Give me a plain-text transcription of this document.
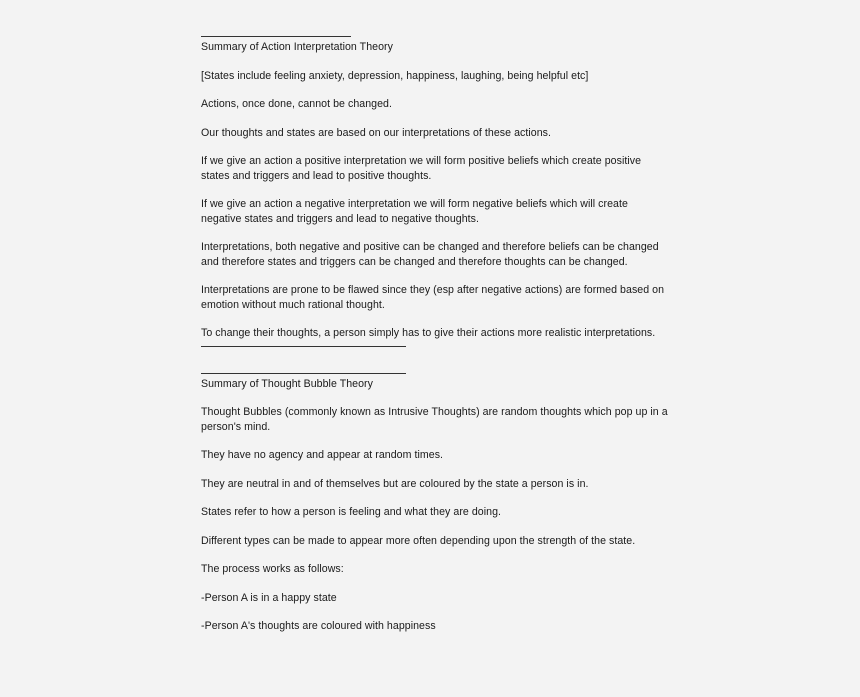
Summary of Action Interpretation Theory

[States include feeling anxiety, depression, happiness, laughing, being helpful etc]

Actions, once done, cannot be changed.

Our thoughts and states are based on our interpretations of these actions.

If we give an action a positive interpretation we will form positive beliefs which create positive states and triggers and lead to positive thoughts.

If we give an action a negative interpretation we will form negative beliefs which will create negative states and triggers and lead to negative thoughts.

Interpretations, both negative and positive can be changed and therefore beliefs can be changed and therefore states and triggers can be changed and therefore thoughts can be changed.

Interpretations are prone to be flawed since they (esp after negative actions) are formed based on emotion without much rational thought.

To change their thoughts, a person simply has to give their actions more realistic interpretations.

Summary of Thought Bubble Theory

Thought Bubbles (commonly known as Intrusive Thoughts) are random thoughts which pop up in a person's mind.

They have no agency and appear at random times.

They are neutral in and of themselves but are coloured by the state a person is in.

States refer to how a person is feeling and what they are doing.

Different types can be made to appear more often depending upon the strength of the state.

The process works as follows:

-Person A is in a happy state

-Person A's thoughts are coloured with happiness
